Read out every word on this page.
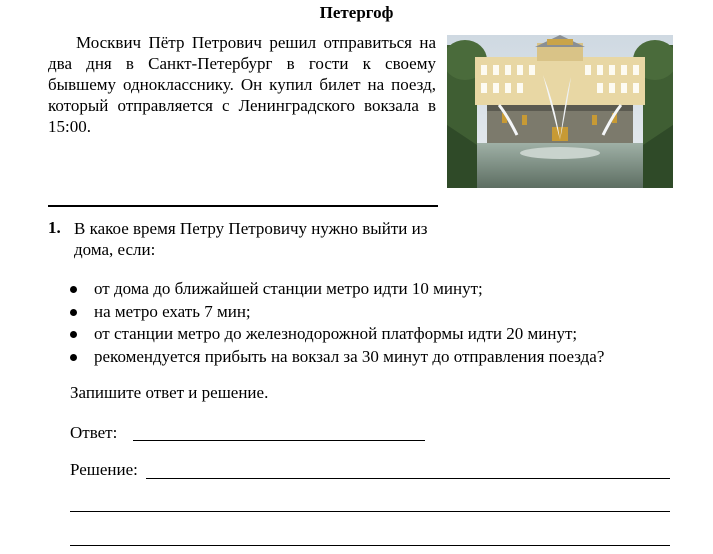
Петергоф

Москвич Пётр Петрович решил отправиться на два дня в Санкт-Петербург в гости к своему бывшему однокласснику. Он купил билет на поезд, который отправляется с Ленинградского вокзала в 15:00.

1. В какое время Петру Петровичу нужно выйти из дома, если:

от дома до ближайшей станции метро идти 10 минут;
на метро ехать 7 мин;
от станции метро до железнодорожной платформы идти 20 минут;
рекомендуется прибыть на вокзал за 30 минут до отправления поезда?
Запишите ответ и решение.
Ответ:
Решение:
